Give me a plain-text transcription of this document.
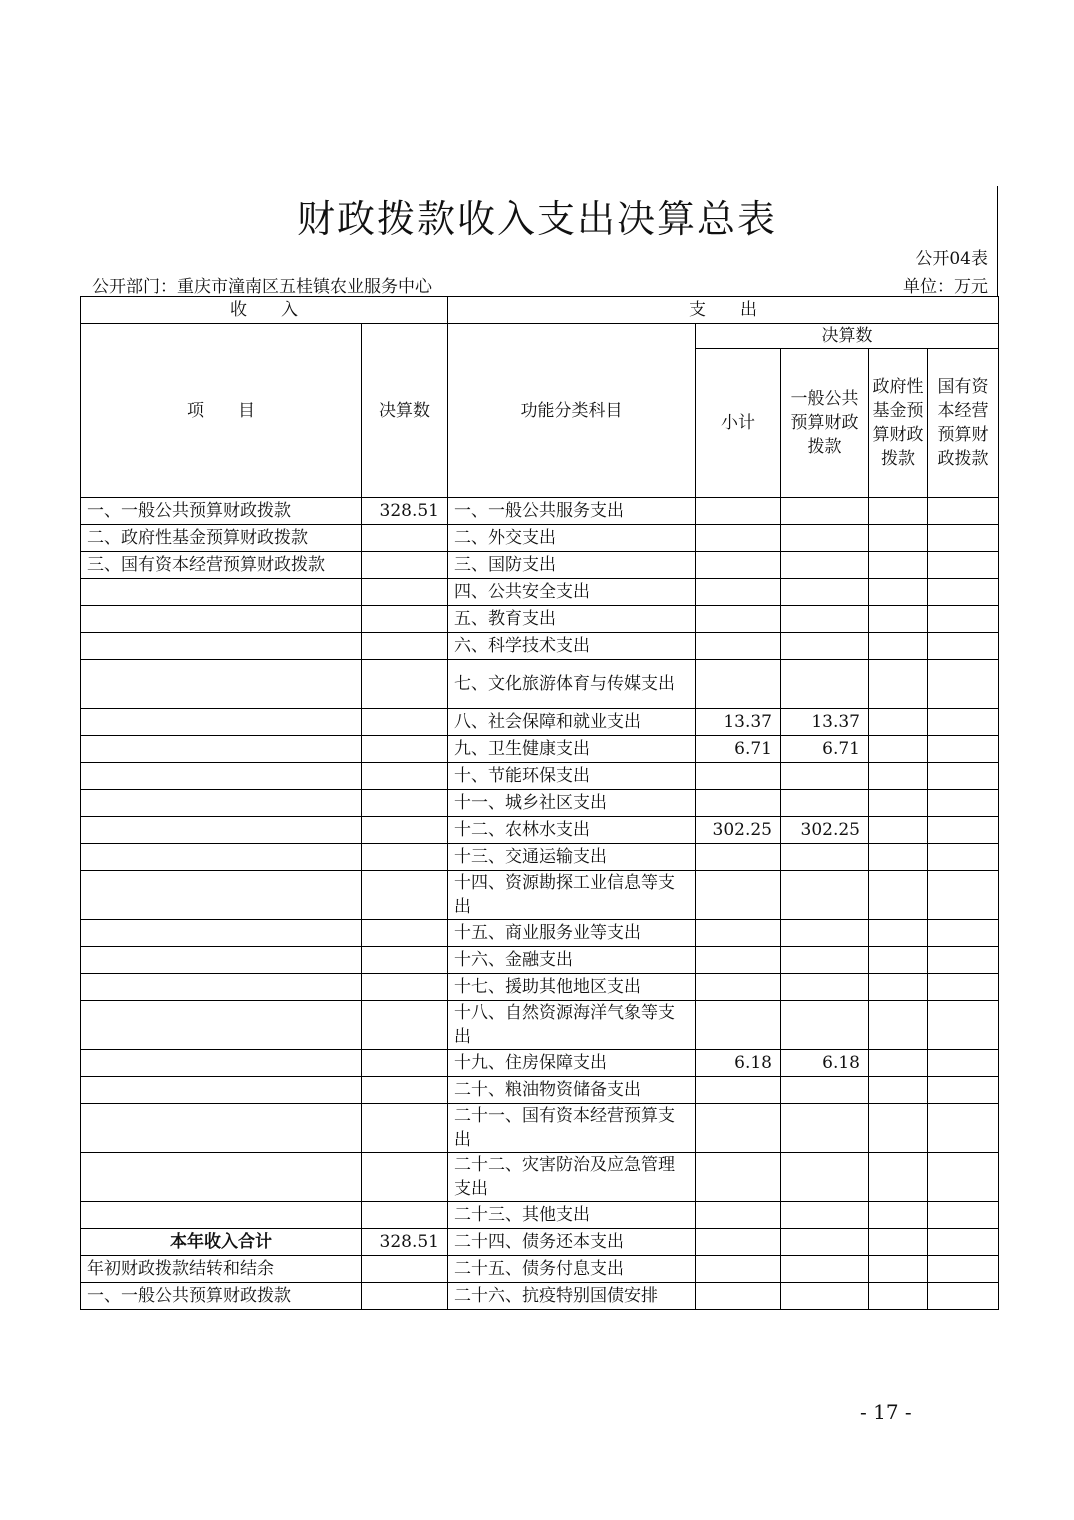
财政拨款收入支出决算总表
公开04表
公开部门：重庆市潼南区五桂镇农业服务中心	单位：万元
收　　入		支　　出				
项　　目	决算数	功能分类科目	决算数			
			小计	一般公共预算财政拨款	政府性基金预算财政拨款	国有资本经营预算财政拨款
一、一般公共预算财政拨款	328.51	一、一般公共服务支出				
二、政府性基金预算财政拨款		二、外交支出				
三、国有资本经营预算财政拨款		三、国防支出				
		四、公共安全支出				
		五、教育支出				
		六、科学技术支出				
		七、文化旅游体育与传媒支出				
		八、社会保障和就业支出	13.37	13.37		
		九、卫生健康支出	6.71	6.71		
		十、节能环保支出				
		十一、城乡社区支出				
		十二、农林水支出	302.25	302.25		
		十三、交通运输支出				
		十四、资源勘探工业信息等支出				
		十五、商业服务业等支出				
		十六、金融支出				
		十七、援助其他地区支出				
		十八、自然资源海洋气象等支出				
		十九、住房保障支出	6.18	6.18		
		二十、粮油物资储备支出				
		二十一、国有资本经营预算支出				
		二十二、灾害防治及应急管理支出				
		二十三、其他支出				
本年收入合计	328.51	二十四、债务还本支出				
年初财政拨款结转和结余		二十五、债务付息支出				
一、一般公共预算财政拨款		二十六、抗疫特别国债安排				
- 17 -
